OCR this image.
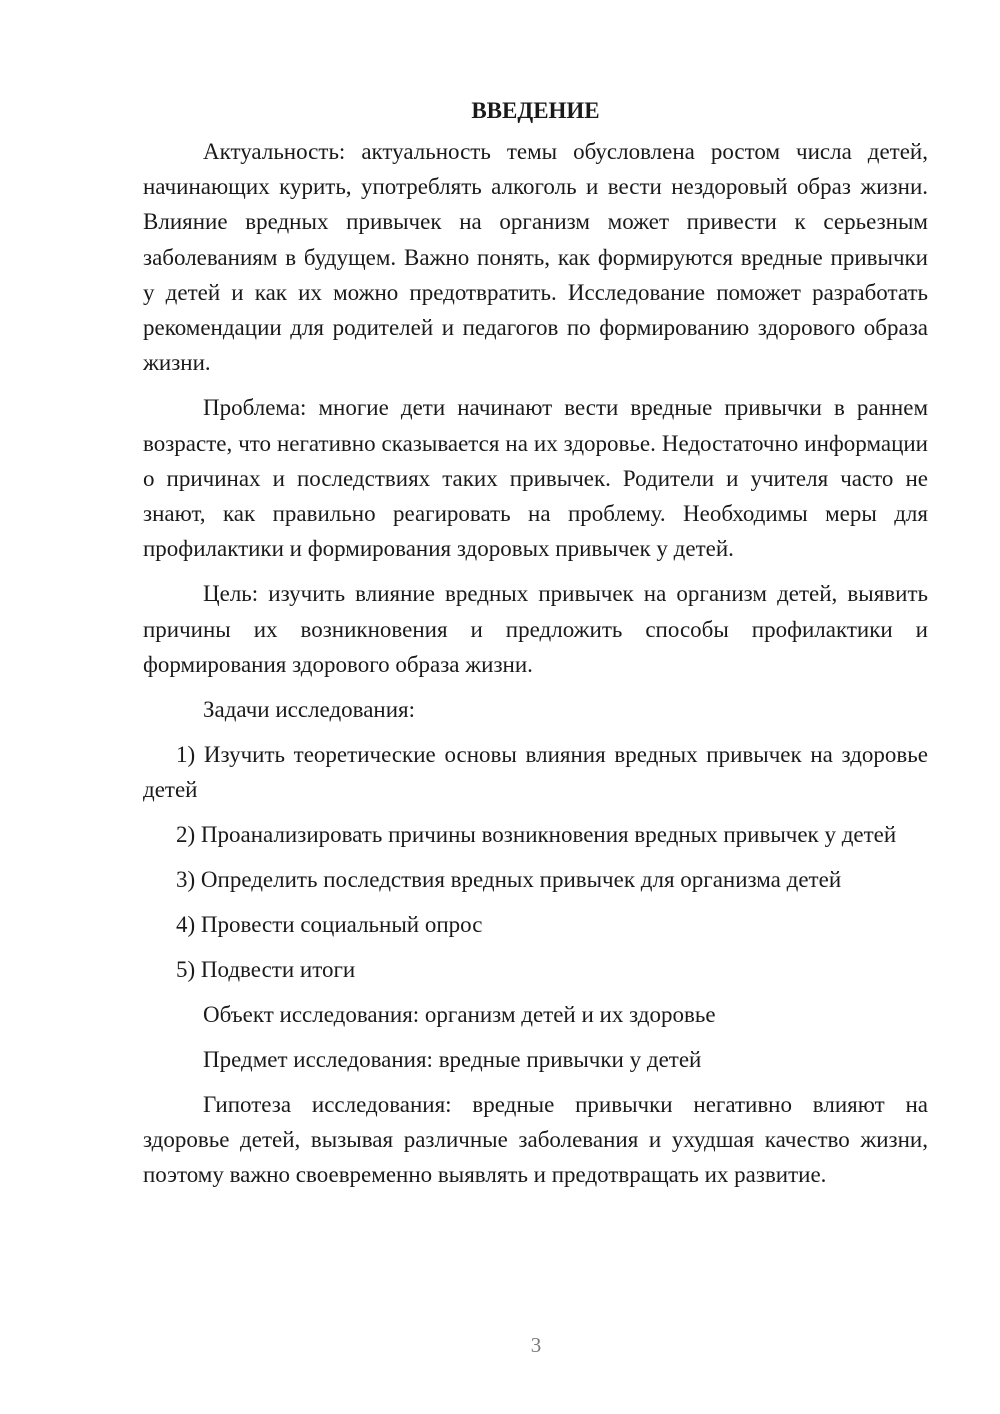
ВВЕДЕНИЕ

Актуальность: актуальность темы обусловлена ростом числа детей, начинающих курить, употреблять алкоголь и вести нездоровый образ жизни. Влияние вредных привычек на организм может привести к серьезным заболеваниям в будущем. Важно понять, как формируются вредные привычки у детей и как их можно предотвратить. Исследование поможет разработать рекомендации для родителей и педагогов по формированию здорового образа жизни.

Проблема: многие дети начинают вести вредные привычки в раннем возрасте, что негативно сказывается на их здоровье. Недостаточно информации о причинах и последствиях таких привычек. Родители и учителя часто не знают, как правильно реагировать на проблему. Необходимы меры для профилактики и формирования здоровых привычек у детей.

Цель: изучить влияние вредных привычек на организм детей, выявить причины их возникновения и предложить способы профилактики и формирования здорового образа жизни.

Задачи исследования:

1) Изучить теоретические основы влияния вредных привычек на здоровье детей

2) Проанализировать причины возникновения вредных привычек у детей

3) Определить последствия вредных привычек для организма детей

4) Провести социальный опрос

5) Подвести итоги

Объект исследования: организм детей и их здоровье

Предмет исследования: вредные привычки у детей

Гипотеза исследования: вредные привычки негативно влияют на здоровье детей, вызывая различные заболевания и ухудшая качество жизни, поэтому важно своевременно выявлять и предотвращать их развитие.

3
